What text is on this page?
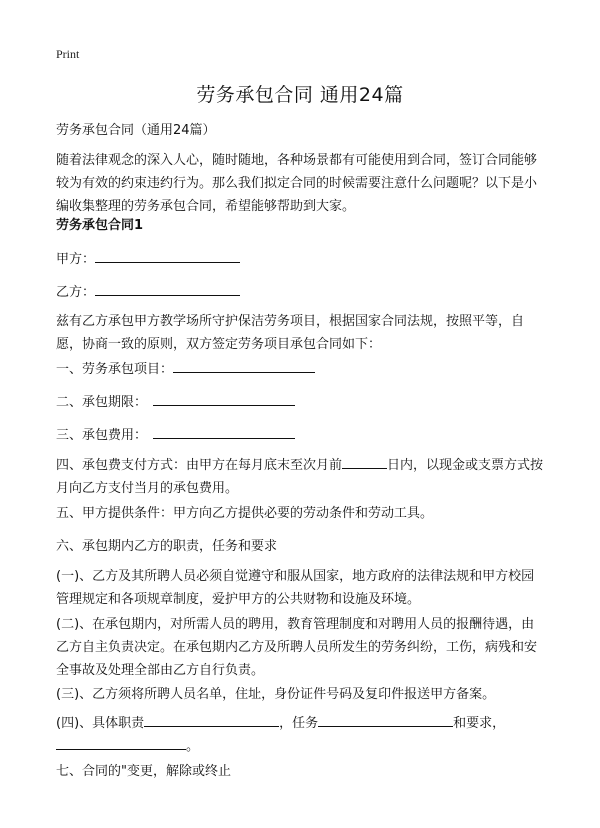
Print
劳务承包合同 通用24篇

劳务承包合同（通用24篇）

随着法律观念的深入人心，随时随地，各种场景都有可能使用到合同，签订合同能够较为有效的约束违约行为。那么我们拟定合同的时候需要注意什么问题呢？以下是小编收集整理的劳务承包合同，希望能够帮助到大家。

劳务承包合同1

甲方：

乙方：

兹有乙方承包甲方教学场所守护保洁劳务项目，根据国家合同法规，按照平等，自愿，协商一致的原则，双方签定劳务项目承包合同如下：

一、劳务承包项目：

二、承包期限：

三、承包费用：

四、承包费支付方式：由甲方在每月底末至次月前	日内，以现金或支票方式按月向乙方支付当月的承包费用。

五、甲方提供条件：甲方向乙方提供必要的劳动条件和劳动工具。

六、承包期内乙方的职责，任务和要求

(一)、乙方及其所聘人员必须自觉遵守和服从国家，地方政府的法律法规和甲方校园管理规定和各项规章制度，爱护甲方的公共财物和设施及环境。

(二)、在承包期内，对所需人员的聘用，教育管理制度和对聘用人员的报酬待遇，由乙方自主负责决定。在承包期内乙方及所聘人员所发生的劳务纠纷，工伤，病残和安全事故及处理全部由乙方自行负责。

(三)、乙方须将所聘人员名单，住址，身份证件号码及复印件报送甲方备案。

(四)、具体职责	，任务	和要求，
。

七、合同的"变更，解除或终止
